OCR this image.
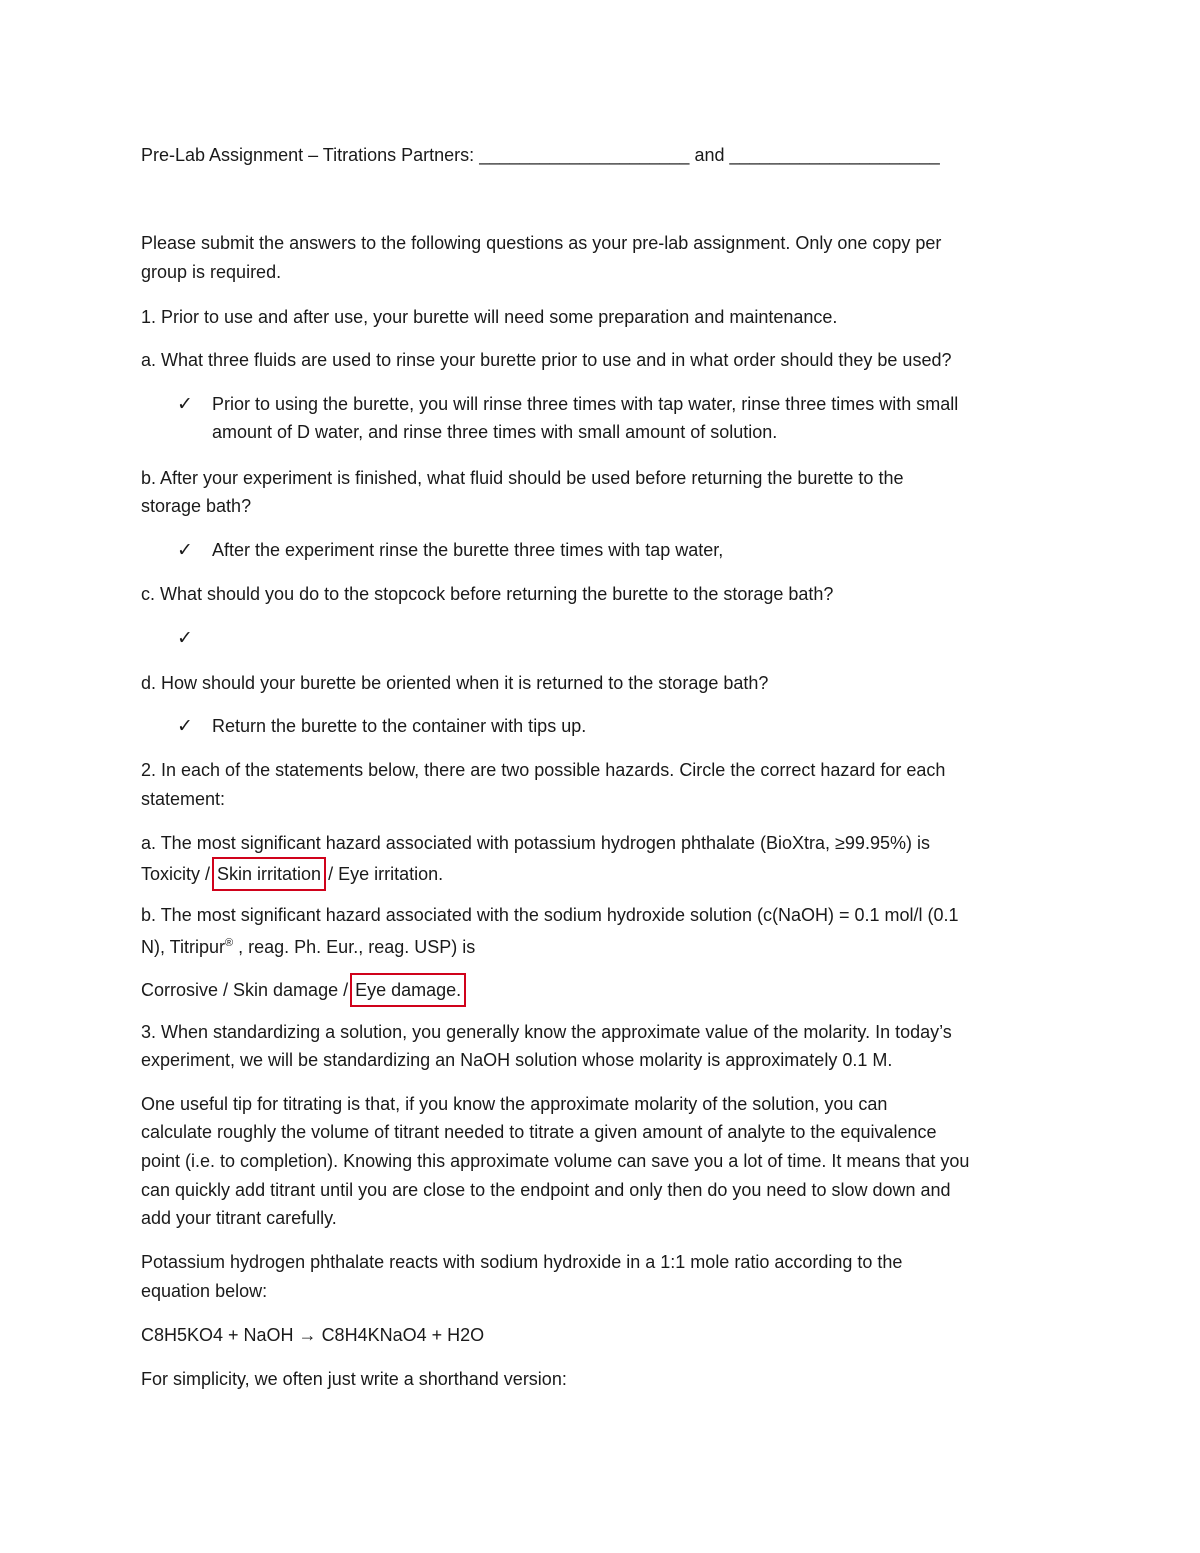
Pre-Lab Assignment – Titrations Partners: _____________________ and _____________________
Please submit the answers to the following questions as your pre-lab assignment. Only one copy per
group is required.
1. Prior to use and after use, your burette will need some preparation and maintenance.
a. What three fluids are used to rinse your burette prior to use and in what order should they be used?
✓	Prior to using the burette, you will rinse three times with tap water, rinse three times with small
amount of D water, and rinse three times with small amount of solution.
b. After your experiment is finished, what fluid should be used before returning the burette to the
storage bath?
✓	After the experiment rinse the burette three times with tap water,
c. What should you do to the stopcock before returning the burette to the storage bath?
✓
d. How should your burette be oriented when it is returned to the storage bath?
✓	Return the burette to the container with tips up.
2. In each of the statements below, there are two possible hazards. Circle the correct hazard for each
statement:
a. The most significant hazard associated with potassium hydrogen phthalate (BioXtra, ≥99.95%) is
Toxicity / Skin irritation / Eye irritation.
b. The most significant hazard associated with the sodium hydroxide solution (c(NaOH) = 0.1 mol/l (0.1
N), Titripur® , reag. Ph. Eur., reag. USP) is
Corrosive / Skin damage / Eye damage.
3. When standardizing a solution, you generally know the approximate value of the molarity. In today’s
experiment, we will be standardizing an NaOH solution whose molarity is approximately 0.1 M.
One useful tip for titrating is that, if you know the approximate molarity of the solution, you can
calculate roughly the volume of titrant needed to titrate a given amount of analyte to the equivalence
point (i.e. to completion). Knowing this approximate volume can save you a lot of time. It means that you
can quickly add titrant until you are close to the endpoint and only then do you need to slow down and
add your titrant carefully.
Potassium hydrogen phthalate reacts with sodium hydroxide in a 1:1 mole ratio according to the
equation below:
C8H5KO4 + NaOH → C8H4KNaO4 + H2O
For simplicity, we often just write a shorthand version:
